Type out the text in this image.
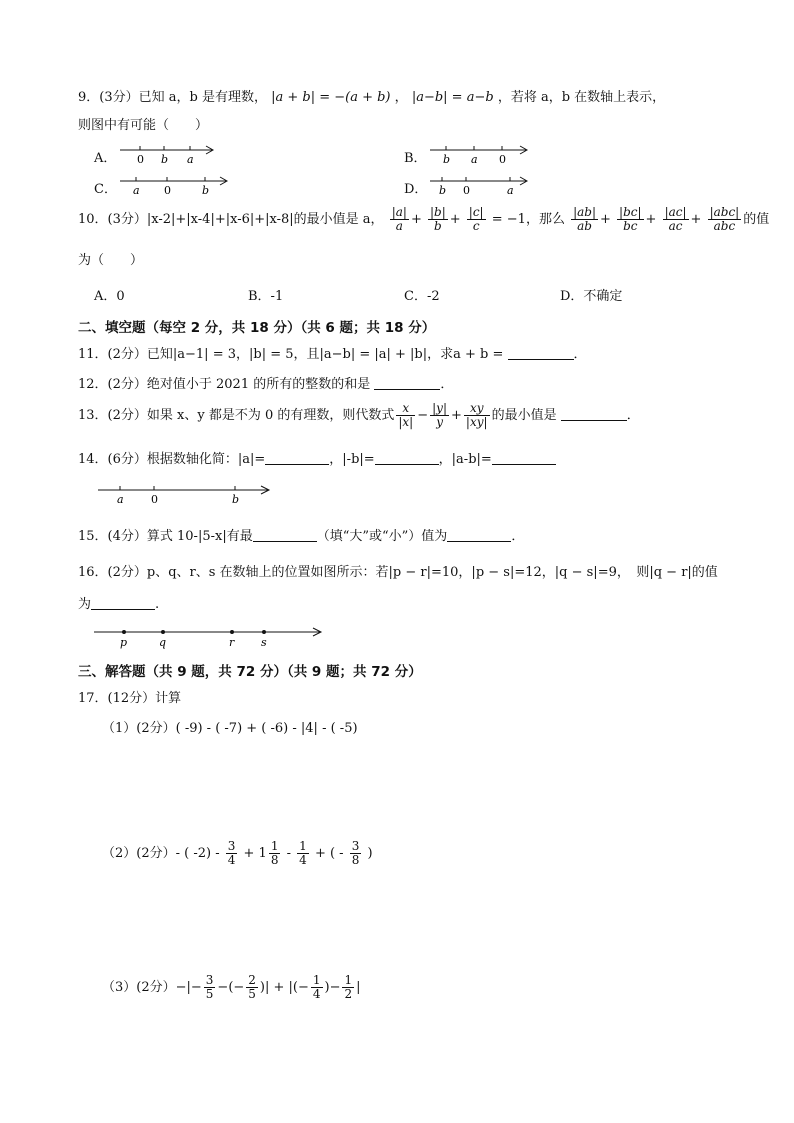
9．(3分）已知 a，b 是有理数， |a + b| = −(a + b) ， |a−b| = a−b ，若将 a，b 在数轴上表示，
则图中有可能（　　）
A． 0 b a	B． b a 0
C． a 0	b	D． b 0	a
10．(3分）|x-2|+|x-4|+|x-6|+|x-8|的最小值是 a， $\frac{|a|}{a} + \frac{|b|}{b} + \frac{|c|}{c} = -1$，那么 $\frac{|ab|}{ab} + \frac{|bc|}{bc} + \frac{|ac|}{ac} + \frac{\text{|abc|}}{\text{abc}}$ 的值
为（　　）
A．0	B．-1	C．-2	D．不确定
二、填空题（每空 2 分，共 18 分）（共 6 题；共 18 分）
11．(2分）已知|a−1| = 3，|b| = 5，且|a−b| = |a| + |b|，求a + b =	．
12．(2分）绝对值小于 2021 的所有的整数的和是	．
13．(2分）如果 x、y 都是不为 0 的有理数，则代数式 $\frac{x}{|x|} - \frac{|y|}{y} + \frac{xy}{|xy|}$ 的最小值是	．
14．(6分）根据数轴化简：|a|=	，|-b|=	，|a-b|=
a 0	b
15．(4分）算式 10-|5-x|有最	（填“大”或“小”）值为	．
16．(2分）p、q、r、s 在数轴上的位置如图所示：若|p − r|=10，|p − s|=12，|q − s|=9，　则|q − r|的值
为	.
p	q	r s
三、解答题（共 9 题，共 72 分）（共 9 题；共 72 分）
17．(12分）计算
（1）(2分）( -9) - ( -7) + ( -6) - |4| - ( -5)
（2）(2分）- ( $-2) - \frac{3}{4} + 1 \frac{1}{8} - \frac{1}{4}$ + ( - $\frac{3}{8}$ )
（3）(2分）−|− $\frac{3}{5}$ −(− $\frac{2}{5}$ )| + |(− $\frac{1}{4}$ )− $\frac{1}{2}$ |
